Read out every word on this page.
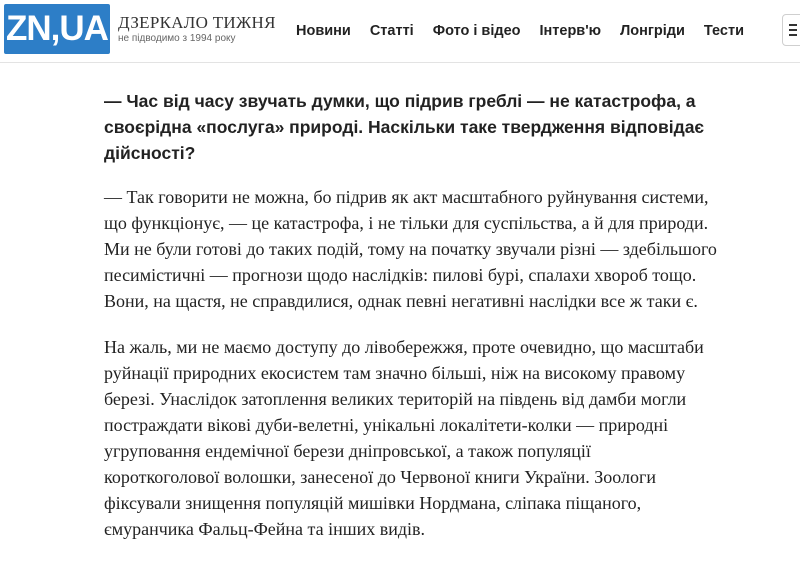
ZN,UA ДЗЕРКАЛО ТИЖНЯ
не підводимо з 1994 року	Новини Статті Фото і відео Інтерв'ю Лонгріди Тести

— Час від часу звучать думки, що підрив греблі — не катастрофа, а
своєрідна «послуга» природі. Наскільки таке твердження відповідає
дійсності?

— Так говорити не можна, бо підрив як акт масштабного руйнування системи,
що функціонує, — це катастрофа, і не тільки для суспільства, а й для природи.
Ми не були готові до таких подій, тому на початку звучали різні — здебільшого
песимістичні — прогнози щодо наслідків: пилові бурі, спалахи хвороб тощо.
Вони, на щастя, не справдилися, однак певні негативні наслідки все ж таки є.

На жаль, ми не маємо доступу до лівобережжя, проте очевидно, що масштаби
руйнації природних екосистем там значно більші, ніж на високому правому
березі. Унаслідок затоплення великих територій на південь від дамби могли
постраждати вікові дуби-велетні, унікальні локалітети-колки — природні
угруповання ендемічної берези дніпровської, а також популяції
короткоголової волошки, занесеної до Червоної книги України. Зоологи
фіксували знищення популяцій мишівки Нордмана, сліпака піщаного,
ємуранчика Фальц-Фейна та інших видів.
